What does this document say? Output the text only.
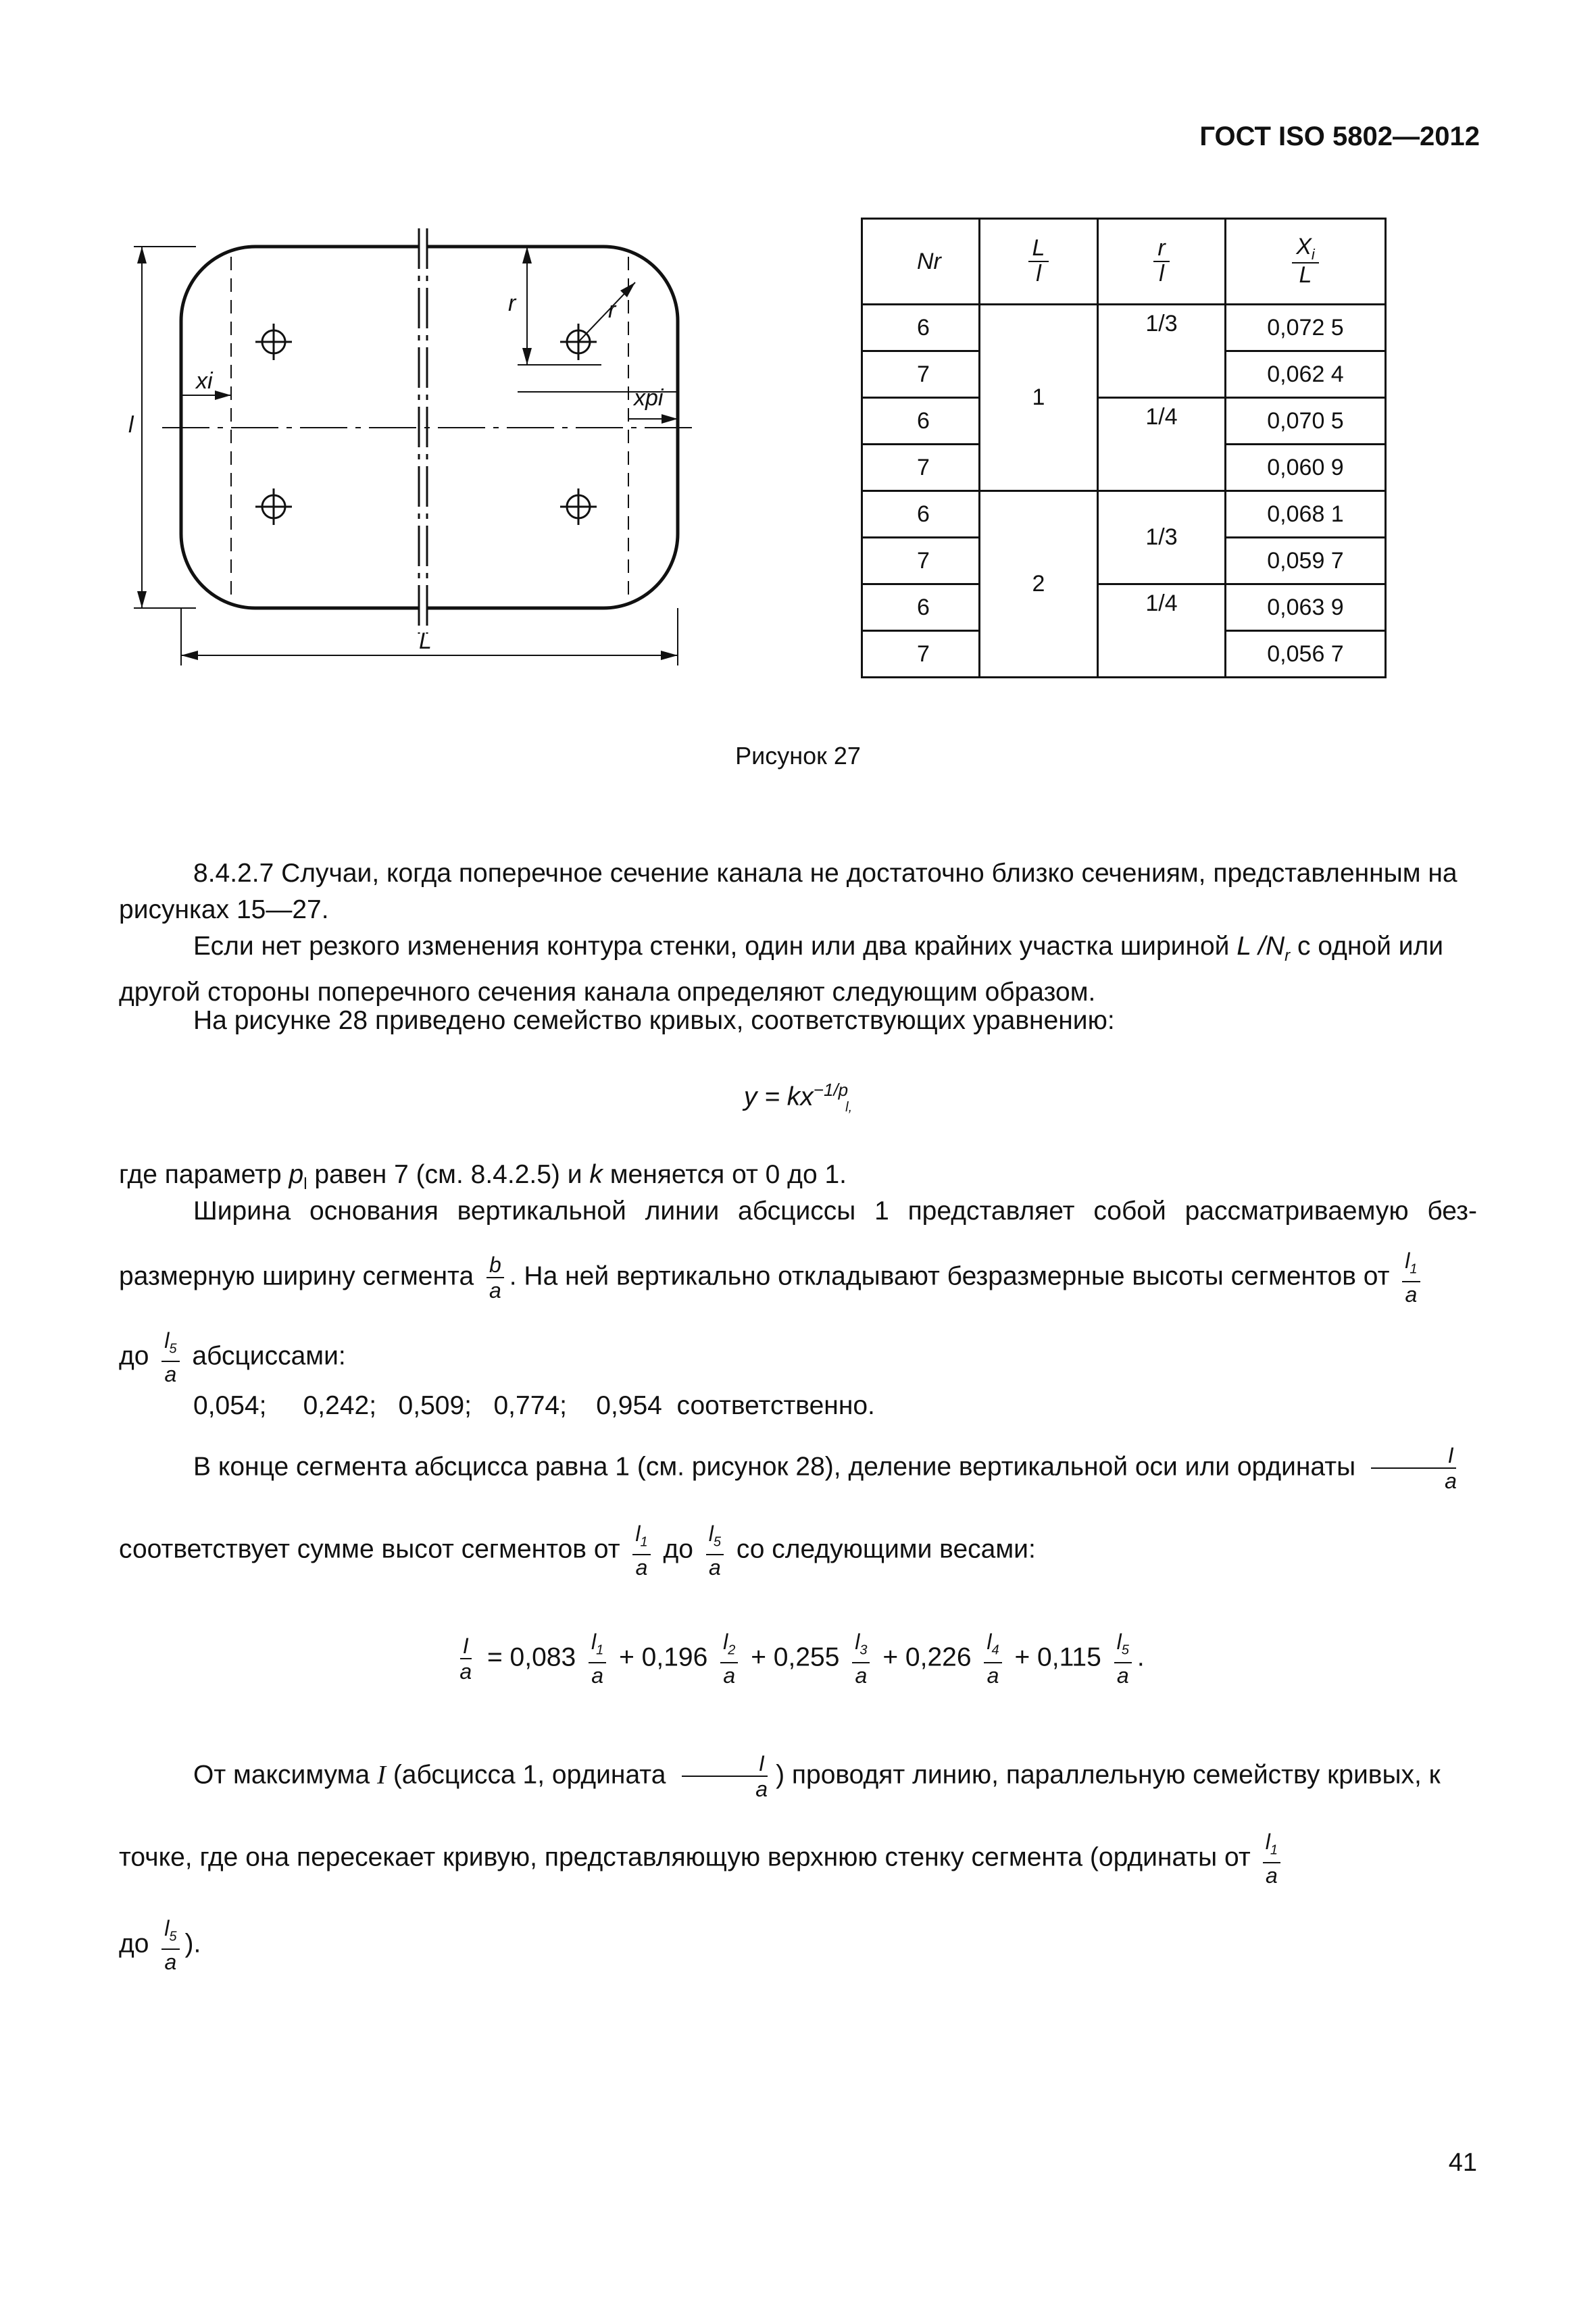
ГОСТ ISO 5802—2012
r	r
xi
xpi
l
L
Nr	$\frac{L}{l}$	$\frac{r}{l}$	$\frac{X_i}{L}$

6	1	1/3	0,072 5
7			0,062 4
6		1/4	0,070 5
7			0,060 9
6	2	1/3	0,068 1
7			0,059 7
6		1/4	0,063 9
7			0,056 7
Рисунок 27
8.4.2.7 Случаи, когда поперечное сечение канала не достаточно близко сечениям, представленным на рисунках 15—27.
Если нет резкого изменения контура стенки, один или два крайних участка шириной L $/N_r$ с одной или другой стороны поперечного сечения канала определяют следующим образом.
На рисунке 28 приведено семейство кривых, соответствующих уравнению:
$y = kx^{-1/p}_{l,}$
где параметр $p_l$ равен 7 (см. 8.4.2.5) и k меняется от 0 до 1.
Ширина основания вертикальной линии абсциссы 1 представляет собой рассматриваемую без-
размерную ширину сегмента $\frac{b}{a}$ . На ней вертикально откладывают безразмерные высоты сегментов от $\frac{l_1}{a}$
до $\frac{l_5}{a}$ абсциссами:
0,054;     0,242;   0,509;   0,774;    0,954  соответственно.
В конце сегмента абсцисса равна 1 (см. рисунок 28), деление вертикальной оси или ординаты $\frac{I}{a}$
соответствует сумме высот сегментов от $\frac{l_1}{a}$ до $\frac{l_5}{a}$ со следующими весами:
$\frac{I}{a} = 0,083 \frac{l_1}{a} + 0,196 \frac{l_2}{a} + 0,255 \frac{l_3}{a} + 0,226 \frac{l_4}{a} + 0,115 \frac{l_5}{a}$ .
От максимума I (абсцисса 1, ордината $\frac{I}{a}$ ) проводят линию, параллельную семейству кривых, к
точке, где она пересекает кривую, представляющую верхнюю стенку сегмента (ординаты от $\frac{l_1}{a}$
до $\frac{l_5}{a}$ ).
41
